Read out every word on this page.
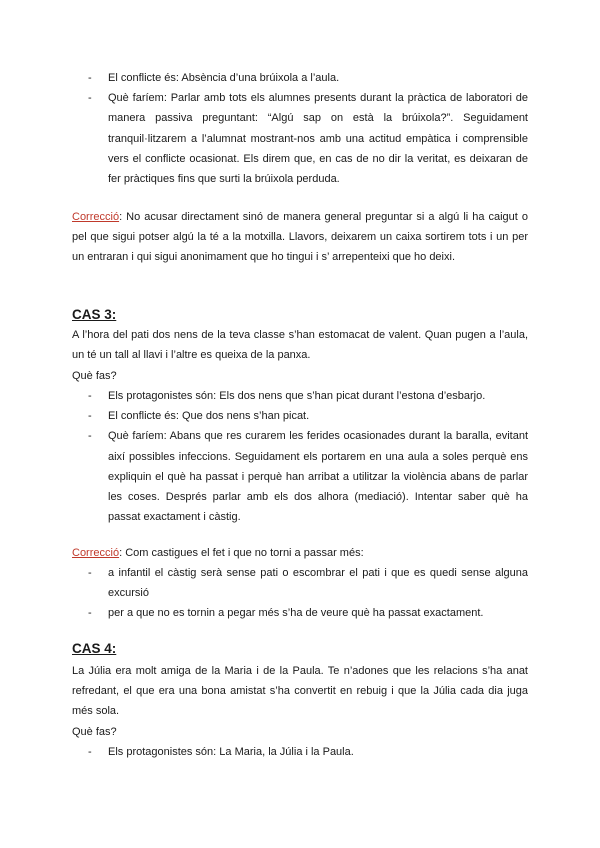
- El conflicte és: Absència d’una brúixola a l’aula.
- Què faríem: Parlar amb tots els alumnes presents durant la pràctica de laboratori de manera passiva preguntant: “Algú sap on està la brúixola?”. Seguidament tranquil·litzarem a l’alumnat mostrant-nos amb una actitud empàtica i comprensible vers el conflicte ocasionat. Els direm que, en cas de no dir la veritat, es deixaran de fer pràctiques fins que surti la brúixola perduda.

Correcció: No acusar directament sinó de manera general preguntar si a algú li ha caigut o pel que sigui potser algú la té a la motxilla. Llavors, deixarem un caixa sortirem tots i un per un entraran i qui sigui anonimament que ho tingui i s’ arrepenteixi que ho deixi.

CAS 3:

A l’hora del pati dos nens de la teva classe s’han estomacat de valent. Quan pugen a l’aula, un té un tall al llavi i l’altre es queixa de la panxa.

Què fas?

- Els protagonistes són: Els dos nens que s’han picat durant l’estona d’esbarjo.
- El conflicte és: Que dos nens s’han picat.
- Què faríem: Abans que res curarem les ferides ocasionades durant la baralla, evitant així possibles infeccions. Seguidament els portarem en una aula a soles perquè ens expliquin el què ha passat i perquè han arribat a utilitzar la violència abans de parlar les coses. Després parlar amb els dos alhora (mediació). Intentar saber què ha passat exactament i càstig.

Correcció: Com castigues el fet i que no torni a passar més:

- a infantil el càstig serà sense pati o escombrar el pati i que es quedi sense alguna excursió
- per a que no es tornin a pegar més s’ha de veure què ha passat exactament.

CAS 4:

La Júlia era molt amiga de la Maria i de la Paula. Te n’adones que les relacions s’ha anat refredant, el que era una bona amistat s’ha convertit en rebuig i que la Júlia cada dia juga més sola.

Què fas?

- Els protagonistes són: La Maria, la Júlia i la Paula.
